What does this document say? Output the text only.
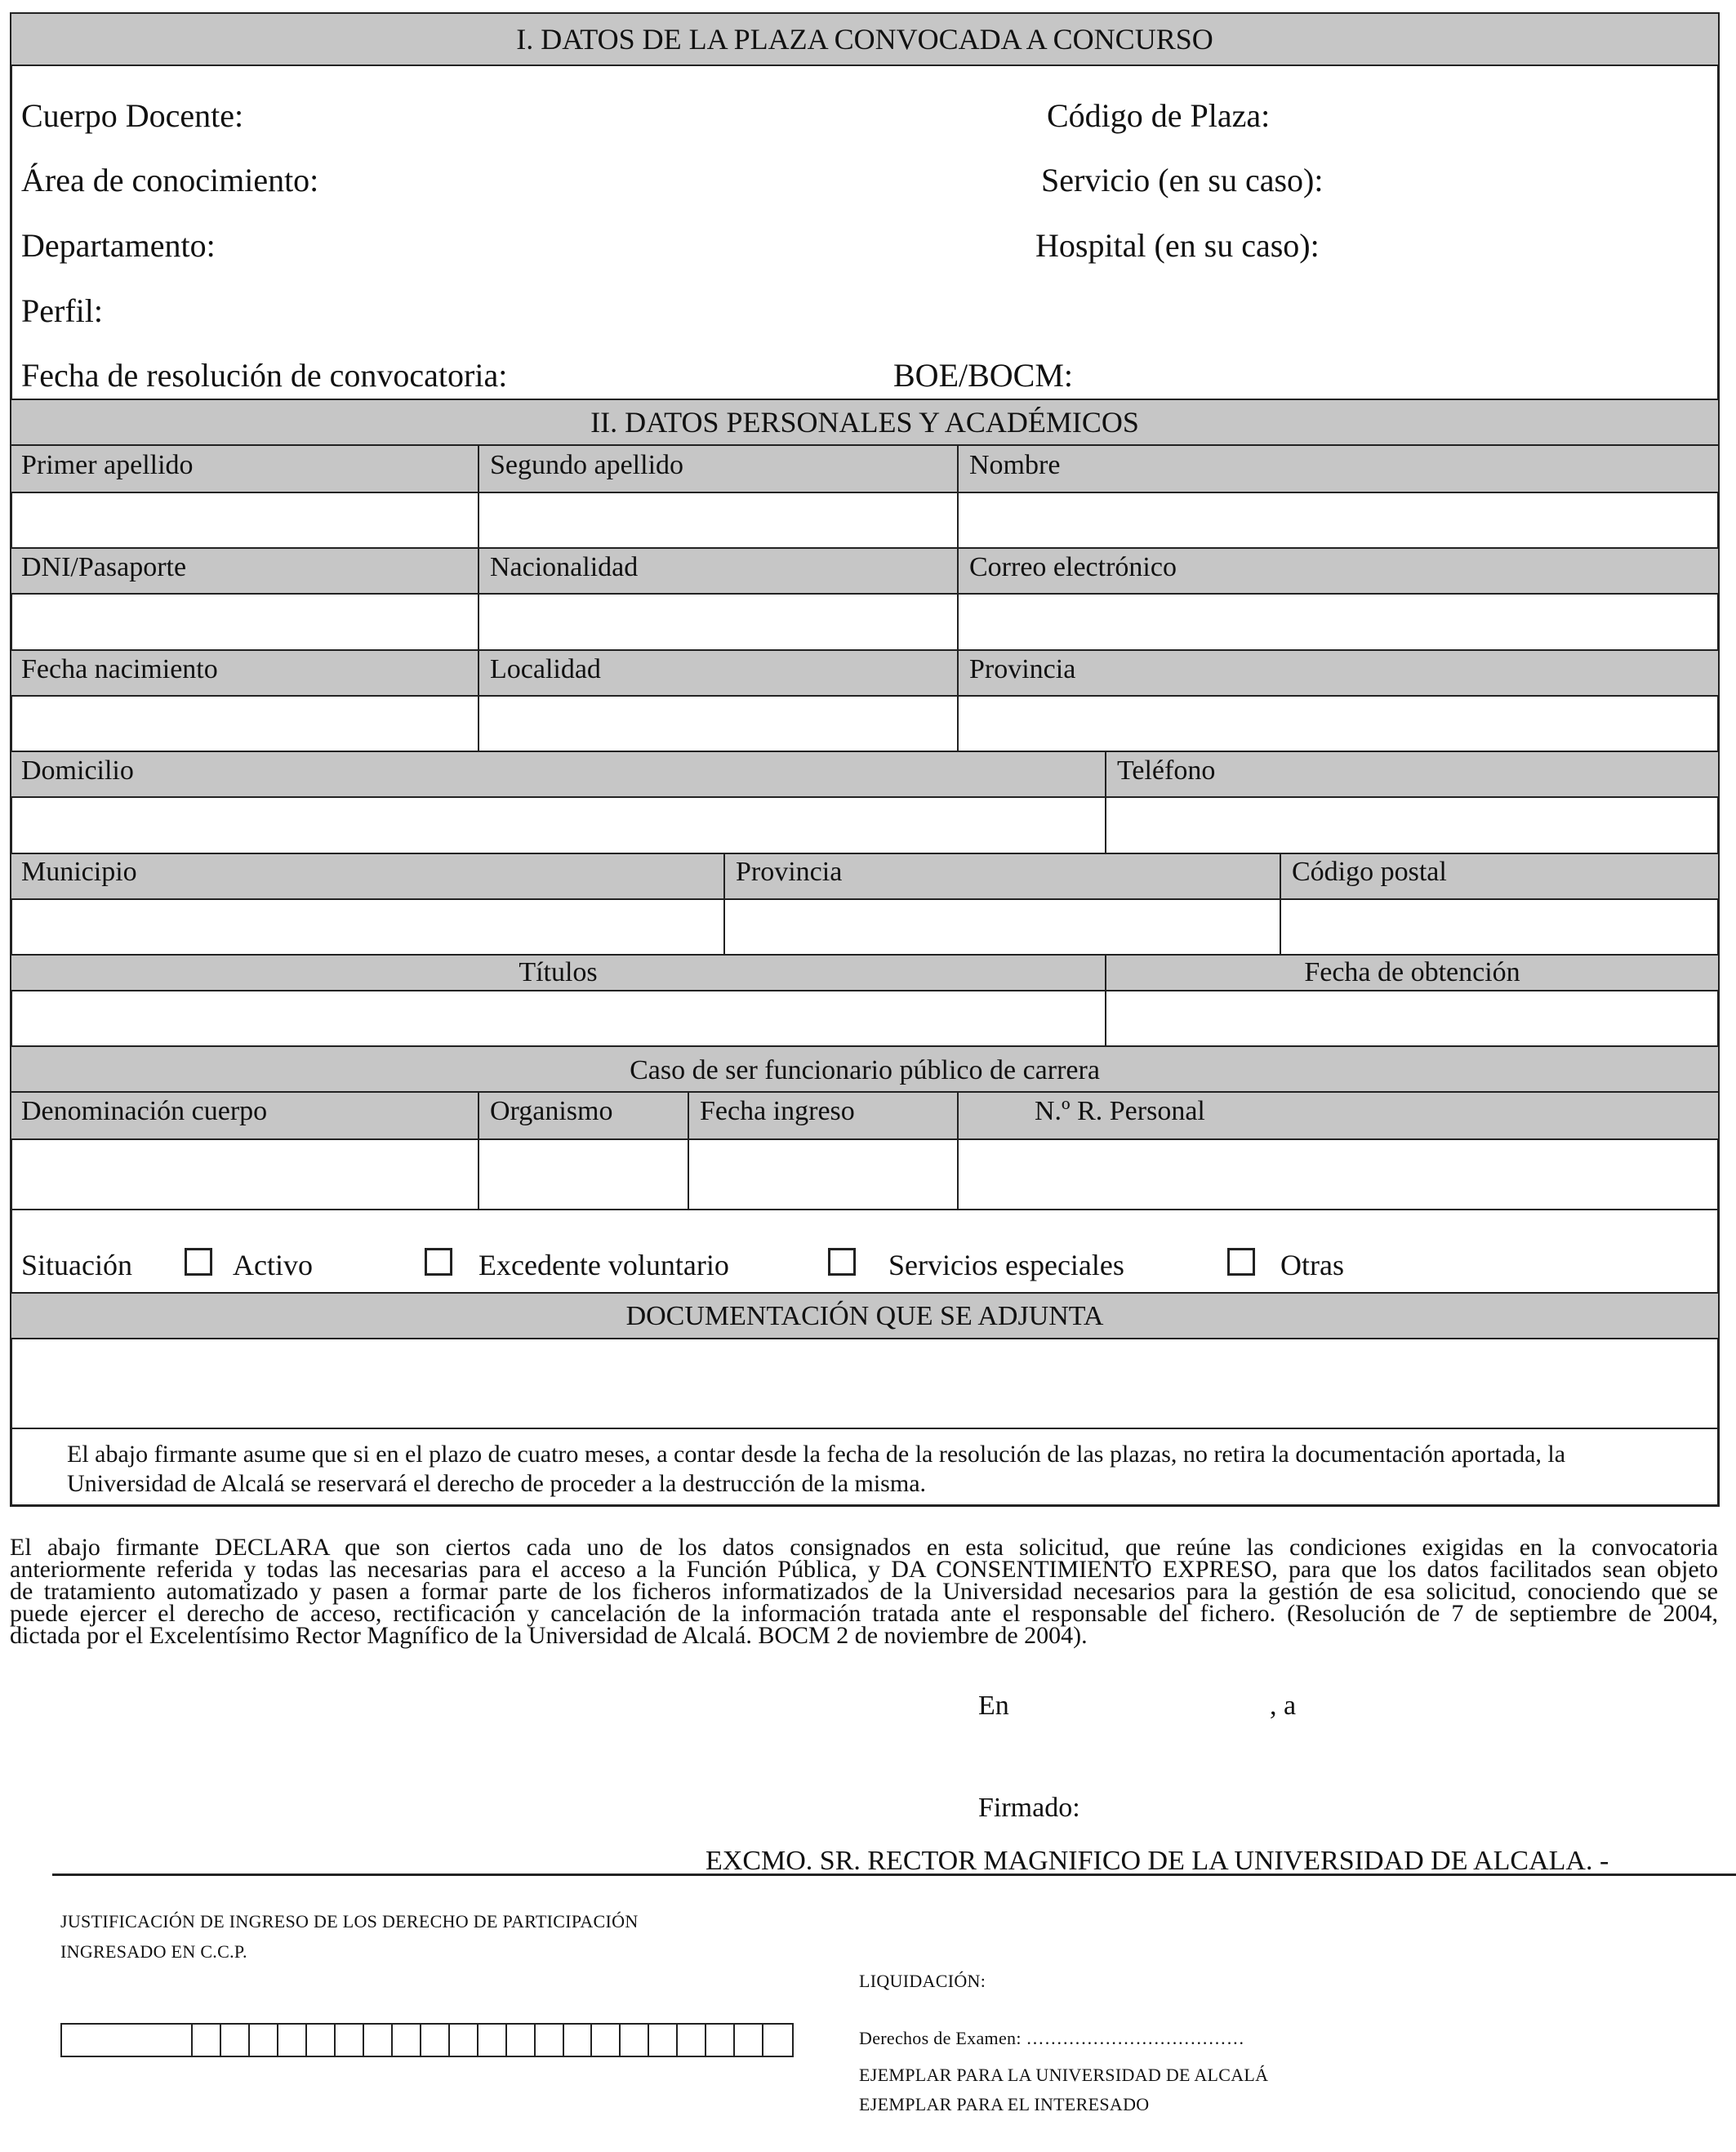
I. DATOS DE LA PLAZA CONVOCADA A CONCURSO
Cuerpo Docente:	Código de Plaza:
Área de conocimiento:	Servicio (en su caso):
Departamento:	Hospital (en su caso):
Perfil:
Fecha de resolución de convocatoria:	BOE/BOCM:
II. DATOS PERSONALES Y ACADÉMICOS
Primer apellido	Segundo apellido	Nombre
DNI/Pasaporte	Nacionalidad	Correo electrónico
Fecha nacimiento	Localidad	Provincia
Domicilio	Teléfono
Municipio	Provincia	Código postal
Títulos	Fecha de obtención
Caso de ser funcionario público de carrera
Denominación cuerpo	Organismo	Fecha ingreso	N.º R. Personal
Situación	Activo	Excedente voluntario	Servicios especiales	Otras
DOCUMENTACIÓN QUE SE ADJUNTA
El abajo firmante asume que si en el plazo de cuatro meses, a contar desde la fecha de la resolución de las plazas, no retira la documentación aportada, la
Universidad de Alcalá se reservará el derecho de proceder a la destrucción de la misma.
El abajo firmante DECLARA que son ciertos cada uno de los datos consignados en esta solicitud, que reúne las condiciones exigidas en la convocatoria
anteriormente referida y todas las necesarias para el acceso a la Función Pública, y DA CONSENTIMIENTO EXPRESO, para que los datos facilitados sean objeto
de tratamiento automatizado y pasen a formar parte de los ficheros informatizados de la Universidad necesarios para la gestión de esa solicitud, conociendo que se
puede ejercer el derecho de acceso, rectificación y cancelación de la información tratada ante el responsable del fichero. (Resolución de 7 de septiembre de 2004,
dictada por el Excelentísimo Rector Magnífico de la Universidad de Alcalá. BOCM 2 de noviembre de 2004).
En	, a
Firmado:
EXCMO. SR. RECTOR MAGNIFICO DE LA UNIVERSIDAD DE ALCALA. -
JUSTIFICACIÓN DE INGRESO DE LOS DERECHO DE PARTICIPACIÓN
INGRESADO EN C.C.P.
LIQUIDACIÓN:
Derechos de Examen: ………………………………
EJEMPLAR PARA LA UNIVERSIDAD DE ALCALÁ
EJEMPLAR PARA EL INTERESADO
